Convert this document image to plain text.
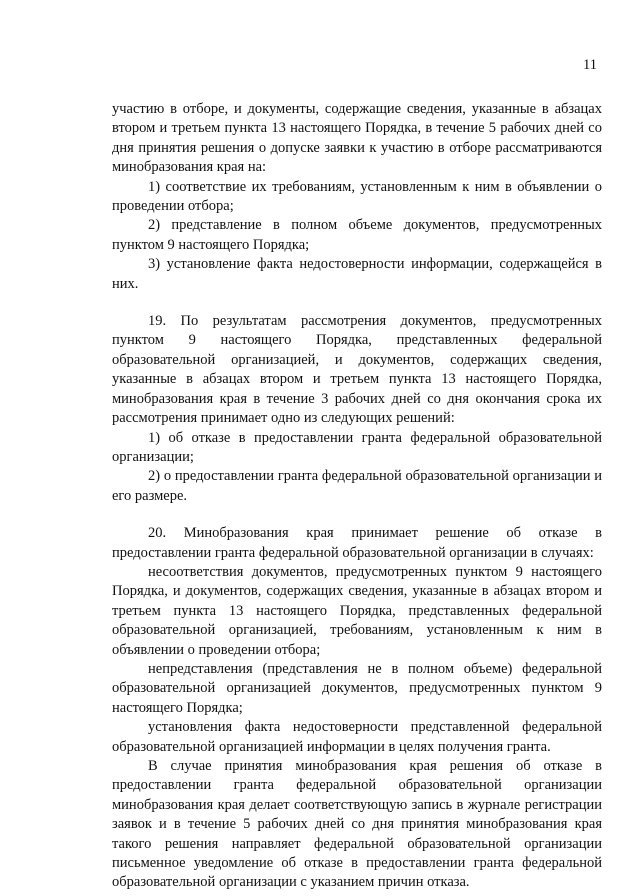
11

участию в отборе, и документы, содержащие сведения, указанные в абзацах втором и третьем пункта 13 настоящего Порядка, в течение 5 рабочих дней со дня принятия решения о допуске заявки к участию в отборе рассматриваются минобразования края на:

1) соответствие их требованиям, установленным к ним в объявлении о проведении отбора;

2) представление в полном объеме документов, предусмотренных пунктом 9 настоящего Порядка;

3) установление факта недостоверности информации, содержащейся в них.

19. По результатам рассмотрения документов, предусмотренных пунктом 9 настоящего Порядка, представленных федеральной образовательной организацией, и документов, содержащих сведения, указанные в абзацах втором и третьем пункта 13 настоящего Порядка, минобразования края в течение 3 рабочих дней со дня окончания срока их рассмотрения принимает одно из следующих решений:

1) об отказе в предоставлении гранта федеральной образовательной организации;

2) о предоставлении гранта федеральной образовательной организации и его размере.

20. Минобразования края принимает решение об отказе в предоставлении гранта федеральной образовательной организации в случаях:

несоответствия документов, предусмотренных пунктом 9 настоящего Порядка, и документов, содержащих сведения, указанные в абзацах втором и третьем пункта 13 настоящего Порядка, представленных федеральной образовательной организацией, требованиям, установленным к ним в объявлении о проведении отбора;

непредставления (представления не в полном объеме) федеральной образовательной организацией документов, предусмотренных пунктом 9 настоящего Порядка;

установления факта недостоверности представленной федеральной образовательной организацией информации в целях получения гранта.

В случае принятия минобразования края решения об отказе в предоставлении гранта федеральной образовательной организации минобразования края делает соответствующую запись в журнале регистрации заявок и в течение 5 рабочих дней со дня принятия минобразования края такого решения направляет федеральной образовательной организации письменное уведомление об отказе в предоставлении гранта федеральной образовательной организации с указанием причин отказа.
